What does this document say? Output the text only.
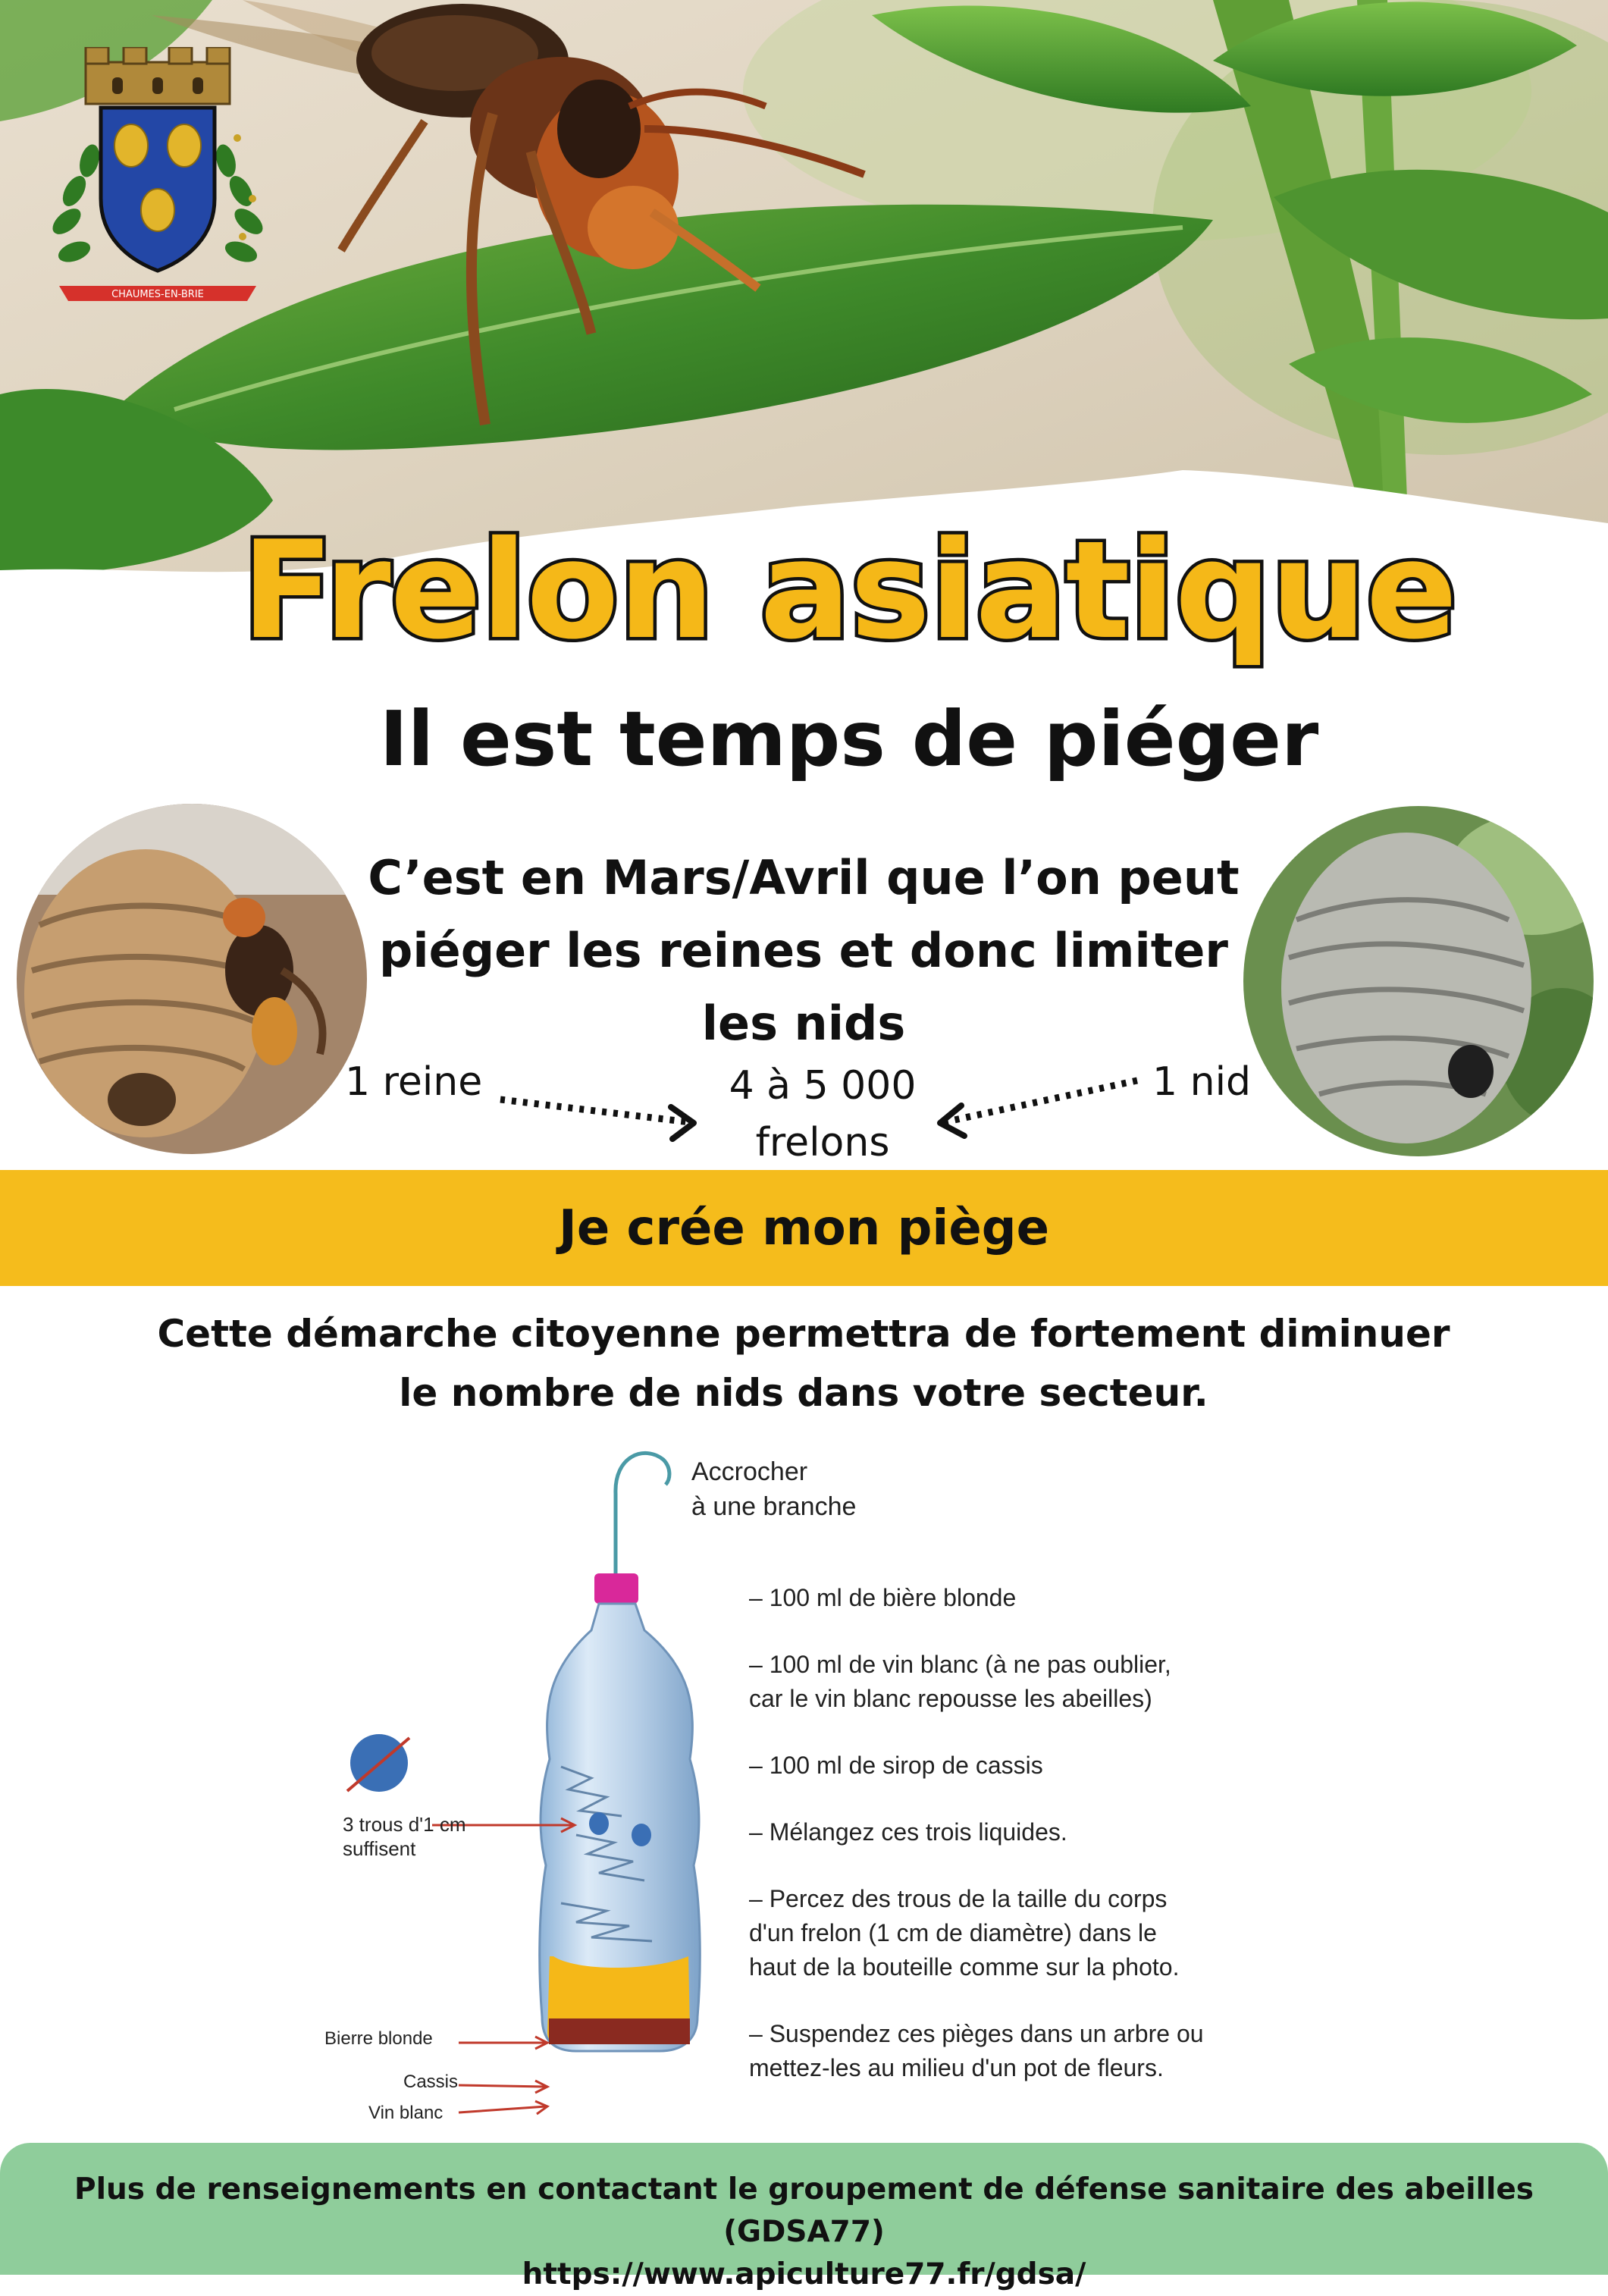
CHAUMES-EN-BRIE
Frelon asiatique
Il est temps de piéger
C’est en Mars/Avril que l’on peut piéger les reines et donc limiter les nids
1 reine	4 à 5 000 frelons
1 nid
Je crée mon piège
Cette démarche citoyenne permettra de fortement diminuer le nombre de nids dans votre secteur.
Accrocher
à une branche
3 trous d'1 cm
suffisent
Bierre blonde
Cassis
Vin blanc
– 100 ml de bière blonde
– 100 ml de vin blanc (à ne pas oublier,
car le vin blanc repousse les abeilles)
– 100 ml de sirop de cassis
– Mélangez ces trois liquides.
– Percez des trous de la taille du corps
d'un frelon (1 cm de diamètre) dans le
haut de la bouteille comme sur la photo.
– Suspendez ces pièges dans un arbre ou
mettez-les au milieu d'un pot de fleurs.
Plus de renseignements en contactant le groupement de défense sanitaire des abeilles (GDSA77)
https://www.apiculture77.fr/gdsa/
